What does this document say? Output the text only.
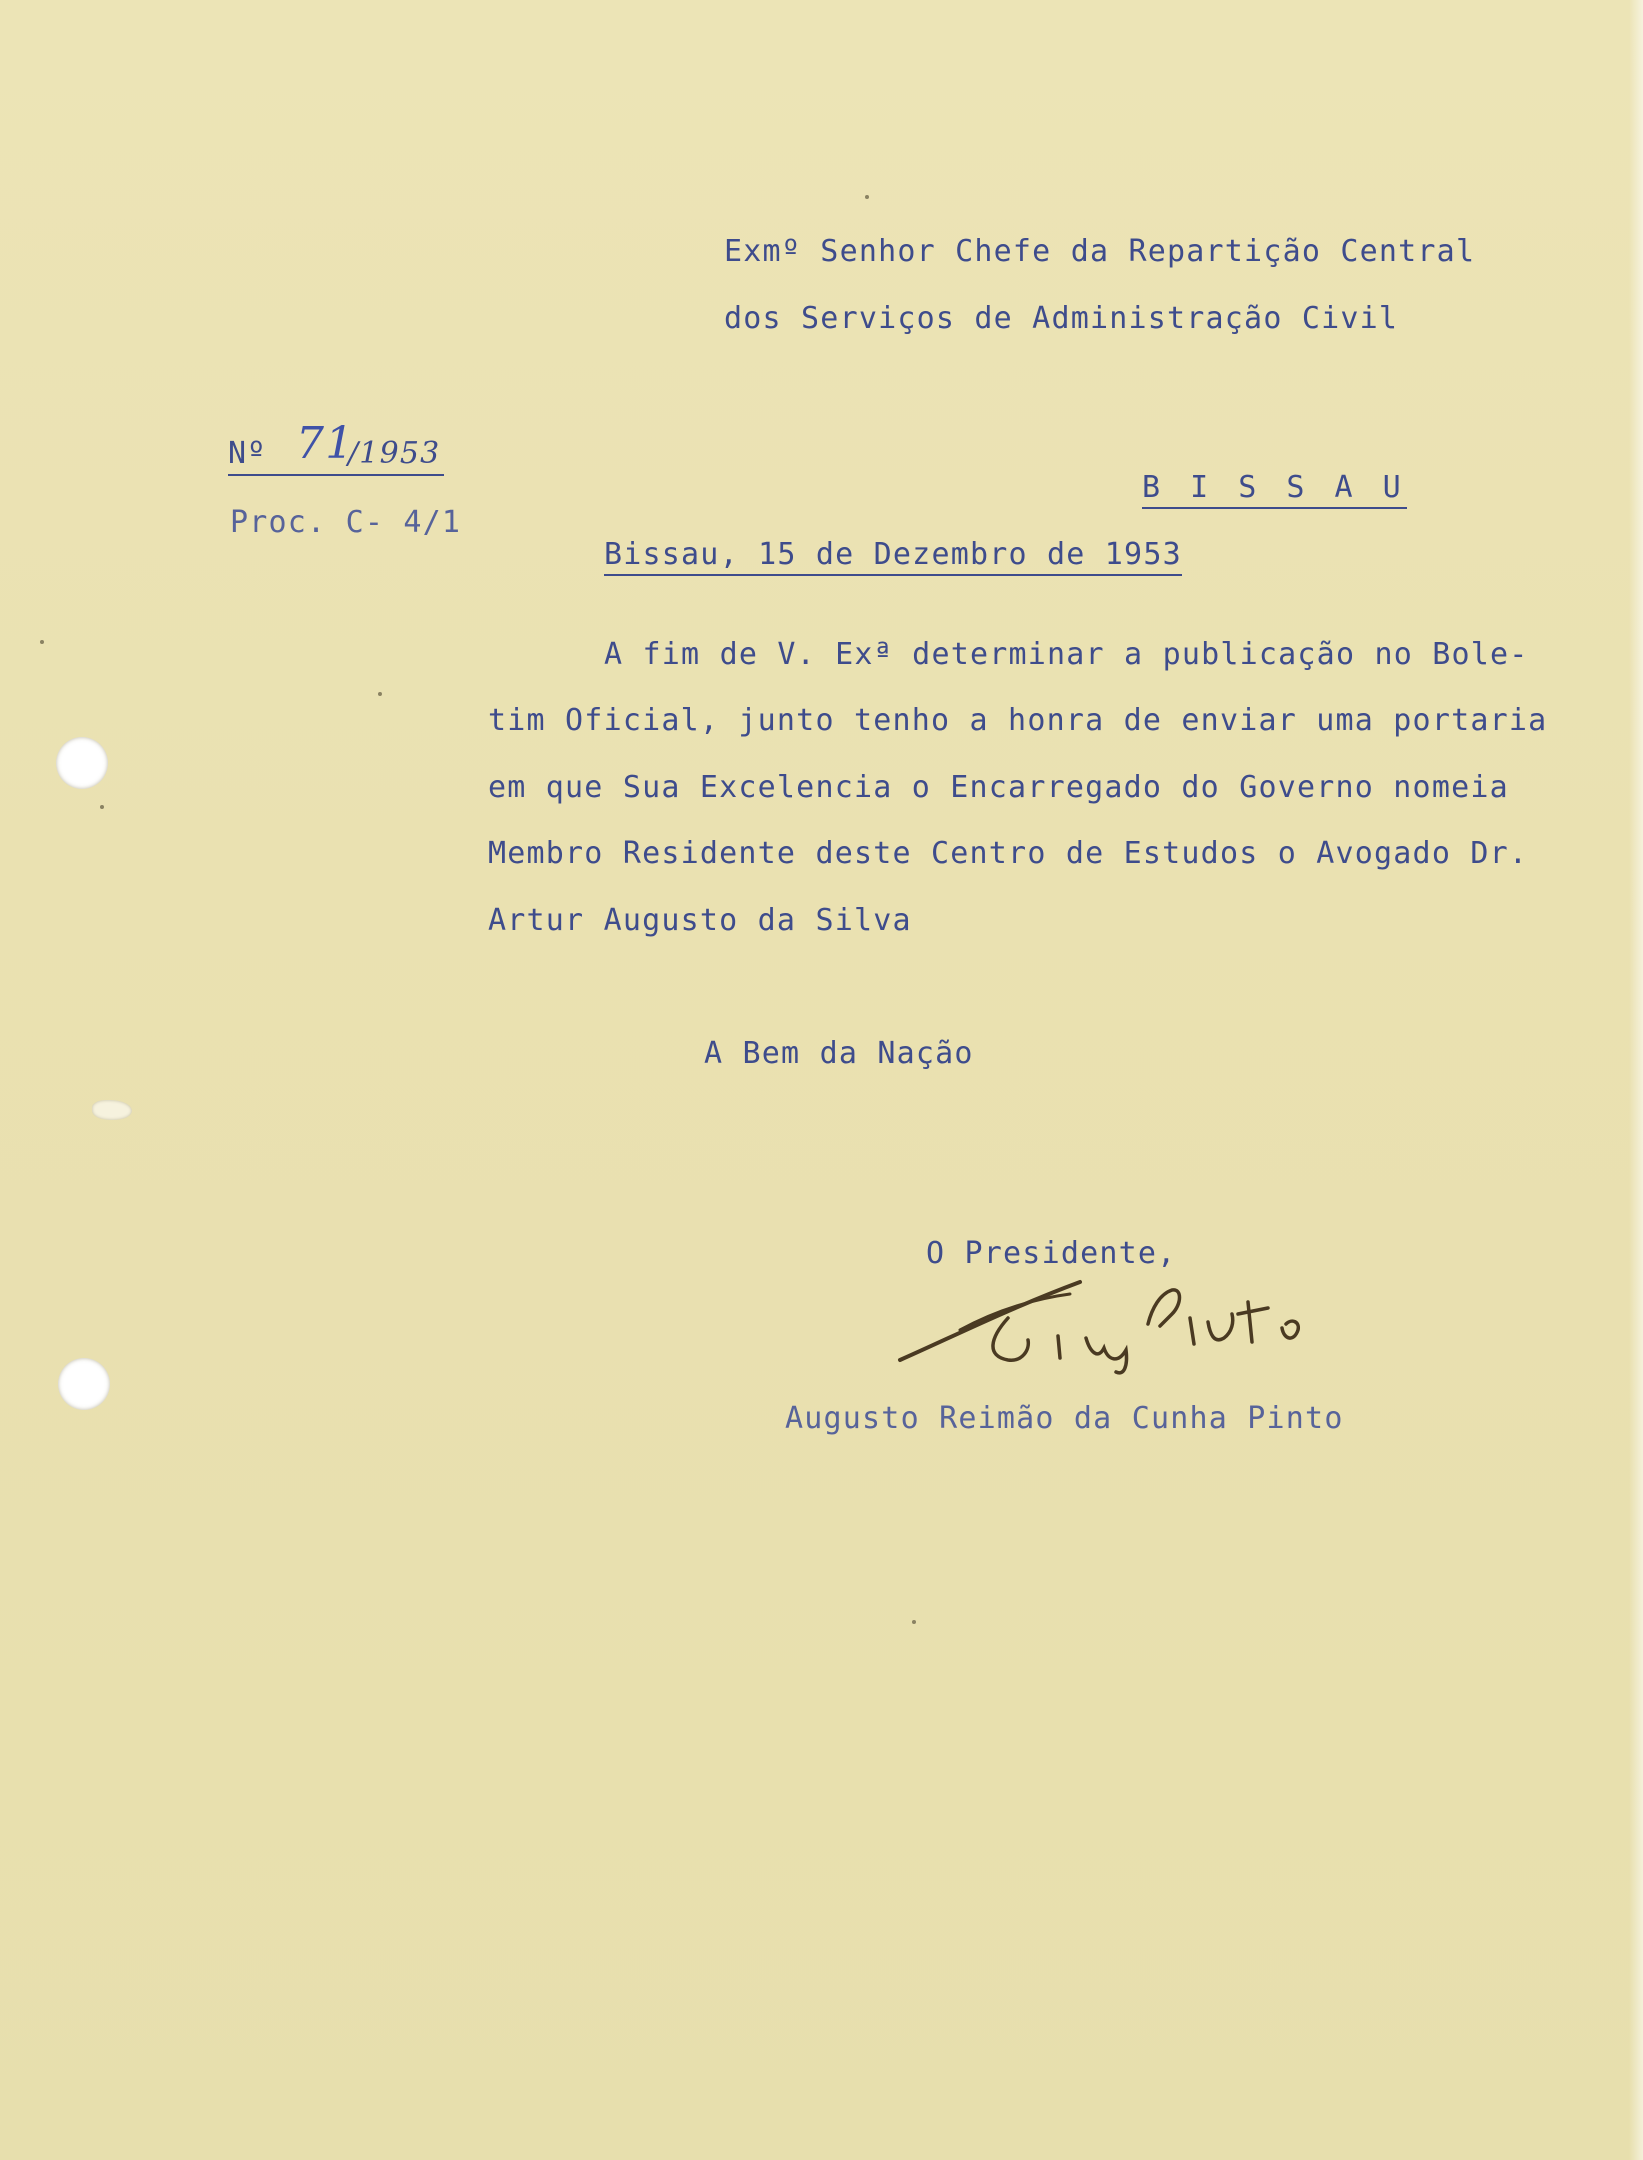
Exmº Senhor Chefe da Repartição Central
dos Serviços de Administração Civil
Nº 71
/1953
Proc. C- 4/1
B I S S A U
Bissau, 15 de Dezembro de 1953
A fim de V. Exª determinar a publicação no Bole-
tim Oficial, junto tenho a honra de enviar uma portaria
em que Sua Excelencia o Encarregado do Governo nomeia
Membro Residente deste Centro de Estudos o Avogado Dr.
Artur Augusto da Silva
A Bem da Nação
O Presidente,
Augusto Reimão da Cunha Pinto
